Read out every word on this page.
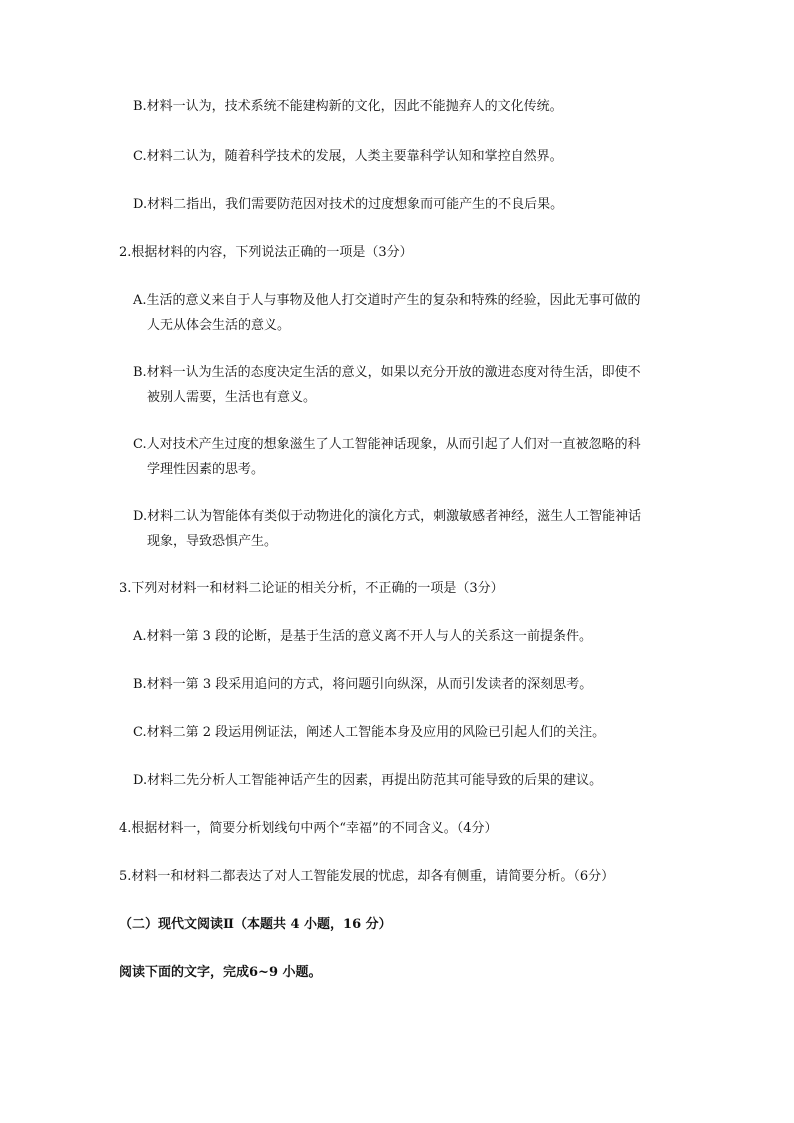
B.材料一认为，技术系统不能建构新的文化，因此不能抛弃人的文化传统。
C.材料二认为，随着科学技术的发展，人类主要靠科学认知和掌控自然界。
D.材料二指出，我们需要防范因对技术的过度想象而可能产生的不良后果。
2.根据材料的内容，下列说法正确的一项是（3分）
A.生活的意义来自于人与事物及他人打交道时产生的复杂和特殊的经验，因此无事可做的
人无从体会生活的意义。
B.材料一认为生活的态度决定生活的意义，如果以充分开放的激进态度对待生活，即使不
被别人需要，生活也有意义。
C.人对技术产生过度的想象滋生了人工智能神话现象，从而引起了人们对一直被忽略的科
学理性因素的思考。
D.材料二认为智能体有类似于动物进化的演化方式，刺激敏感者神经，滋生人工智能神话
现象，导致恐惧产生。
3.下列对材料一和材料二论证的相关分析，不正确的一项是（3分）
A.材料一第 3 段的论断，是基于生活的意义离不开人与人的关系这一前提条件。
B.材料一第 3 段采用追问的方式，将问题引向纵深，从而引发读者的深刻思考。
C.材料二第 2 段运用例证法，阐述人工智能本身及应用的风险已引起人们的关注。
D.材料二先分析人工智能神话产生的因素，再提出防范其可能导致的后果的建议。
4.根据材料一，简要分析划线句中两个“幸福”的不同含义。（4分）
5.材料一和材料二都表达了对人工智能发展的忧虑，却各有侧重，请简要分析。（6分）
（二）现代文阅读Ⅱ（本题共 4 小题，16 分）
阅读下面的文字，完成6~9 小题。
